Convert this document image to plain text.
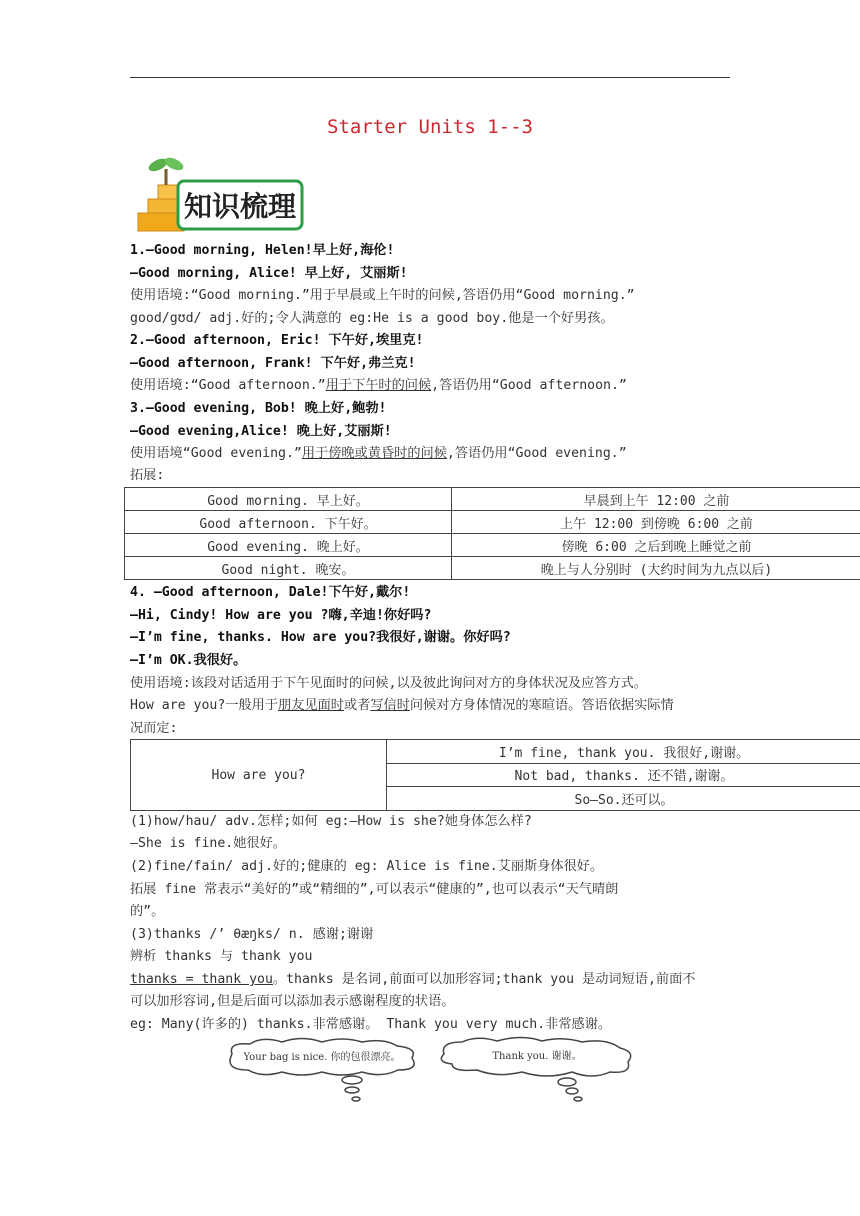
Starter Units 1--3
知识梳理
1.—Good morning, Helen!早上好,海伦!
—Good morning, Alice! 早上好, 艾丽斯!
使用语境:“Good morning.”用于早晨或上午时的问候,答语仍用“Good morning.”
good/gʊd/ adj.好的;令人满意的 eg:He is a good boy.他是一个好男孩。
2.—Good afternoon, Eric! 下午好,埃里克!
—Good afternoon, Frank! 下午好,弗兰克!
使用语境:“Good afternoon.”用于下午时的问候,答语仍用“Good afternoon.”
3.—Good evening, Bob! 晚上好,鲍勃!
—Good evening,Alice! 晚上好,艾丽斯!
使用语境“Good evening.”用于傍晚或黄昏时的问候,答语仍用“Good evening.”
拓展:
Good morning. 早上好。	早晨到上午 12:00 之前
Good afternoon. 下午好。	上午 12:00 到傍晚 6:00 之前
Good evening. 晚上好。	傍晚 6:00 之后到晚上睡觉之前
Good night. 晚安。	晚上与人分别时 (大约时间为九点以后)
4. —Good afternoon, Dale!下午好,戴尔!
—Hi, Cindy! How are you ?嗨,辛迪!你好吗?
—I’m fine, thanks. How are you?我很好,谢谢。你好吗?
—I’m OK.我很好。
使用语境:该段对话适用于下午见面时的问候,以及彼此询问对方的身体状况及应答方式。
How are you?一般用于朋友见面时或者写信时问候对方身体情况的寒暄语。答语依据实际情
况而定:
How are you?	I’m fine, thank you. 我很好,谢谢。
Not bad, thanks. 还不错,谢谢。
So—So.还可以。
(1)how/hau/ adv.怎样;如何 eg:—How is she?她身体怎么样?
—She is fine.她很好。
(2)fine/fain/ adj.好的;健康的 eg: Alice is fine.艾丽斯身体很好。
拓展 fine 常表示“美好的”或“精细的”,可以表示“健康的”,也可以表示“天气晴朗
的”。
(3)thanks /’ θæŋks/ n. 感谢;谢谢
辨析 thanks 与 thank you
thanks = thank you。thanks 是名词,前面可以加形容词;thank you 是动词短语,前面不
可以加形容词,但是后面可以添加表示感谢程度的状语。
eg: Many(许多的) thanks.非常感谢。 Thank you very much.非常感谢。
Your bag is nice. 你的包很漂亮。	Thank you. 谢谢。
